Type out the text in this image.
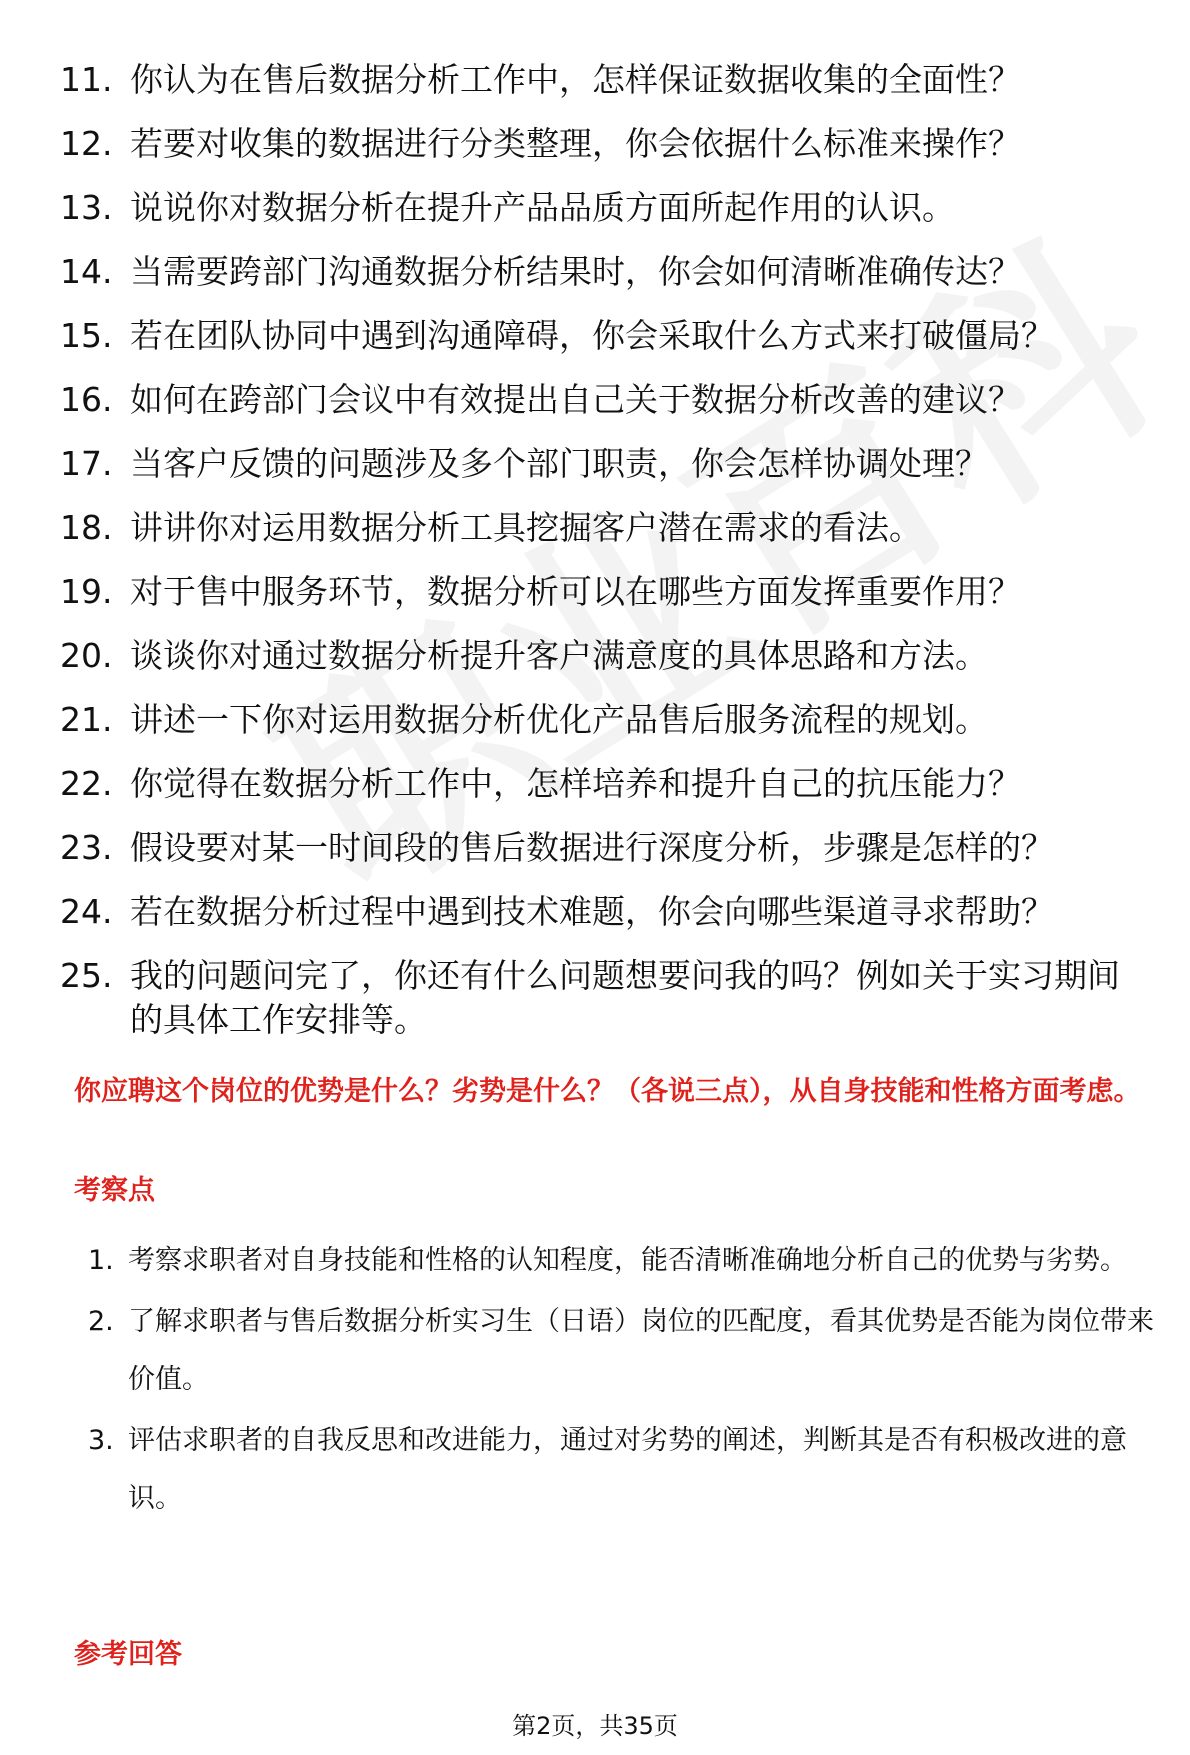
11. 你认为在售后数据分析工作中，怎样保证数据收集的全面性？
12. 若要对收集的数据进行分类整理，你会依据什么标准来操作？
13. 说说你对数据分析在提升产品品质方面所起作用的认识。
14. 当需要跨部门沟通数据分析结果时，你会如何清晰准确传达？
15. 若在团队协同中遇到沟通障碍，你会采取什么方式来打破僵局？
16. 如何在跨部门会议中有效提出自己关于数据分析改善的建议？
17. 当客户反馈的问题涉及多个部门职责，你会怎样协调处理？
18. 讲讲你对运用数据分析工具挖掘客户潜在需求的看法。
19. 对于售中服务环节，数据分析可以在哪些方面发挥重要作用？
20. 谈谈你对通过数据分析提升客户满意度的具体思路和方法。
21. 讲述一下你对运用数据分析优化产品售后服务流程的规划。
22. 你觉得在数据分析工作中，怎样培养和提升自己的抗压能力？
23. 假设要对某一时间段的售后数据进行深度分析，步骤是怎样的？
24. 若在数据分析过程中遇到技术难题，你会向哪些渠道寻求帮助？
25. 我的问题问完了，你还有什么问题想要问我的吗？例如关于实习期间的具体工作安排等。
你应聘这个岗位的优势是什么？劣势是什么？（各说三点），从自身技能和性格方面考虑。
考察点
1. 考察求职者对自身技能和性格的认知程度，能否清晰准确地分析自己的优势与劣势。
2. 了解求职者与售后数据分析实习生（日语）岗位的匹配度，看其优势是否能为岗位带来价值。
3. 评估求职者的自我反思和改进能力，通过对劣势的阐述，判断其是否有积极改进的意识。
参考回答
第2页，共35页
